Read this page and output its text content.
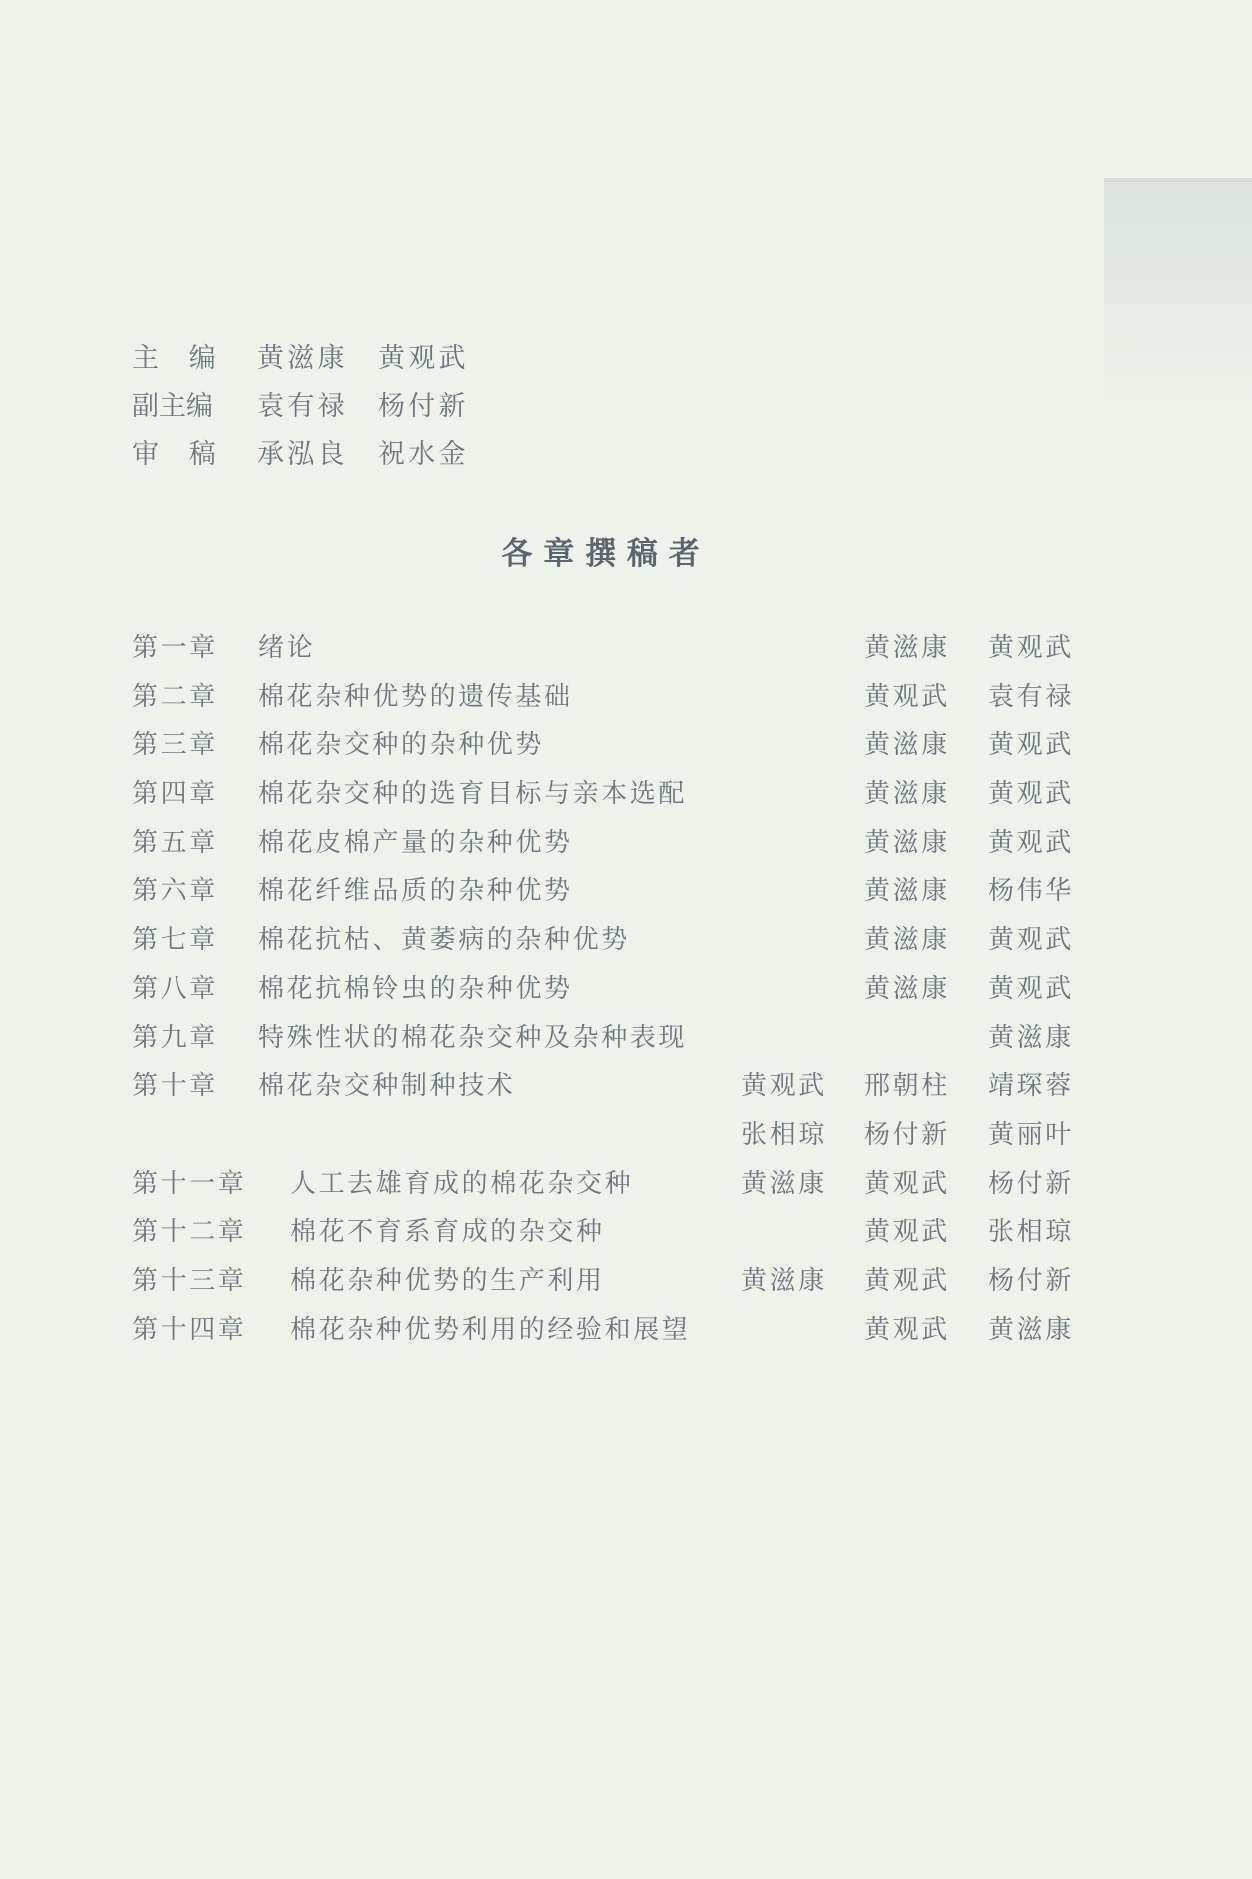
主　编 黄滋康　黄观武
副主编 袁有禄　杨付新
审　稿 承泓良　祝水金
各章撰稿者
第一章 绪论	黄滋康 黄观武
第二章 棉花杂种优势的遗传基础	黄观武 袁有禄
第三章 棉花杂交种的杂种优势	黄滋康 黄观武
第四章 棉花杂交种的选育目标与亲本选配	黄滋康 黄观武
第五章 棉花皮棉产量的杂种优势	黄滋康 黄观武
第六章 棉花纤维品质的杂种优势	黄滋康 杨伟华
第七章 棉花抗枯、黄萎病的杂种优势	黄滋康 黄观武
第八章 棉花抗棉铃虫的杂种优势	黄滋康 黄观武
第九章 特殊性状的棉花杂交种及杂种表现	黄滋康
第十章 棉花杂交种制种技术	黄观武 邢朝柱 靖琛蓉
张相琼 杨付新 黄丽叶
第十一章 人工去雄育成的棉花杂交种	黄滋康 黄观武 杨付新
第十二章 棉花不育系育成的杂交种	黄观武 张相琼
第十三章 棉花杂种优势的生产利用	黄滋康 黄观武 杨付新
第十四章 棉花杂种优势利用的经验和展望	黄观武 黄滋康
